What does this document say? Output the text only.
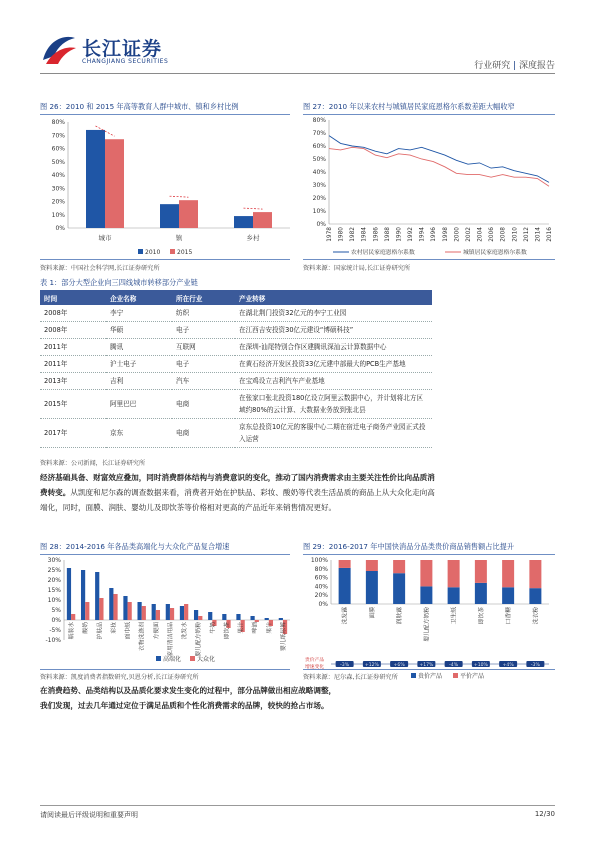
长江证券
CHANGJIANG SECURITIES	行业研究 | 深度报告
图 26：2010 和 2015 年高等教育人群中城市、镇和乡村比例
0%
10%
20%
30%
40%
50%
60%
70%
80%
城市	镇	乡村
2010	2015
资料来源：中国社会科学网,长江证券研究所
图 27：2010 年以来农村与城镇居民家庭恩格尔系数差距大幅收窄
0%
10%
20%
30%
40%
50%
60%
70%
80%
1978 1980 1982 1984 1986 1988 1990 1992 1994 1996 1998 2000 2002 2004 2006 2008 2010 2012 2014 2016
农村居民家庭恩格尔系数	城镇居民家庭恩格尔系数
资料来源：国家统计局,长江证券研究所
表 1：部分大型企业向三四线城市转移部分产业链
时间	企业名称	所在行业	产业转移
2008年	李宁	纺织	在湖北荆门投资32亿元的李宁工业园
2008年	华硕	电子	在江西吉安投资30亿元建设“博硕科技”
2011年	腾讯	互联网	在深圳-汕尾特别合作区建腾讯深汕云计算数据中心
2011年	沪士电子	电子	在黄石经济开发区投资33亿元建中部最大的PCB生产基地
2013年	吉利	汽车	在宝鸡设立吉利汽车产业基地
2015年	阿里巴巴	电商	在张家口张北投资180亿设立阿里云数据中心，并计划将北方区域约80%的云计算、大数据业务放到张北县
2017年	京东	电商	京东总投资10亿元的客服中心二期在宿迁电子商务产业园正式投入运营
资料来源：公司新闻，长江证券研究所
经济基础具备、财富效应叠加，同时消费群体结构与消费意识的变化，推动了国内消费需求由主要关注性价比向品质消费转变。从凯度和尼尔森的调查数据来看，消费者开始在护肤品、彩妆、酸奶等代表生活品质的商品上从大众化走向高端化，同时，面膜、润肤、婴幼儿及即饮茶等价格相对更高的产品近年来销售情况更好。
图 28：2014-2016 年各品类高端化与大众化产品复合增速
-10%
-5%
0%
5%
10%
15%
20%
25%
30%
瓶装水	酸奶	护肤品	彩妆	面巾纸	衣物洗涤剂	方便面	家用清洁用品	洗发水	婴儿配方奶粉	牛奶	即饮茶	果汁	啤酒	果汁	婴儿纸尿裤
高端化	大众化
资料来源：凯度消费者指数研究,贝恩分析,长江证券研究所
图 29：2016-2017 年中国快消品分品类贵价商品销售额占比提升
0%
20%
40%
60%
80%
100%
洗发露
-3%
面膜
+12%
润肤露
+6%
婴儿配方奶粉
+17%
卫生纸
-4%
即饮茶
+10%
口香糖
+4%
洗衣粉
-3%
贵价产品
增速变化
贵价产品	平价产品
资料来源：尼尔森,长江证券研究所
在消费趋势、品类结构以及品质化要求发生变化的过程中，部分品牌做出相应战略调整，
我们发现，过去几年通过定位于满足品质和个性化消费需求的品牌，较快的抢占市场。
请阅读最后评级说明和重要声明	12/30
